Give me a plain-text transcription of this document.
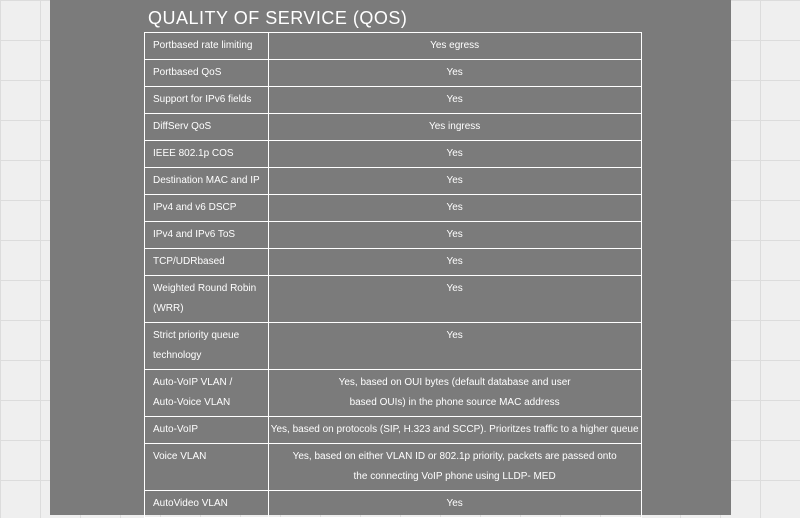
QUALITY OF SERVICE (QOS)
Portbased rate limiting	Yes egress

Portbased QoS	Yes

Support for IPv6 fields	Yes

DiffServ QoS	Yes ingress

IEEE 802.1p COS	Yes

Destination MAC and IP	Yes

IPv4 and v6 DSCP	Yes

IPv4 and IPv6 ToS	Yes

TCP/UDRbased	Yes

Weighted Round Robin
(WRR)	Yes

Strict priority queue
technology	Yes

Auto-VoIP VLAN /
Auto-Voice VLAN	Yes, based on OUI bytes (default database and user
based OUIs) in the phone source MAC address

Auto-VoIP	Yes, based on protocols (SIP, H.323 and SCCP). Prioritzes traffic to a higher queue

Voice VLAN	Yes, based on either VLAN ID or 802.1p priority, packets are passed onto
the connecting VoIP phone using LLDP- MED

AutoVideo VLAN	Yes
